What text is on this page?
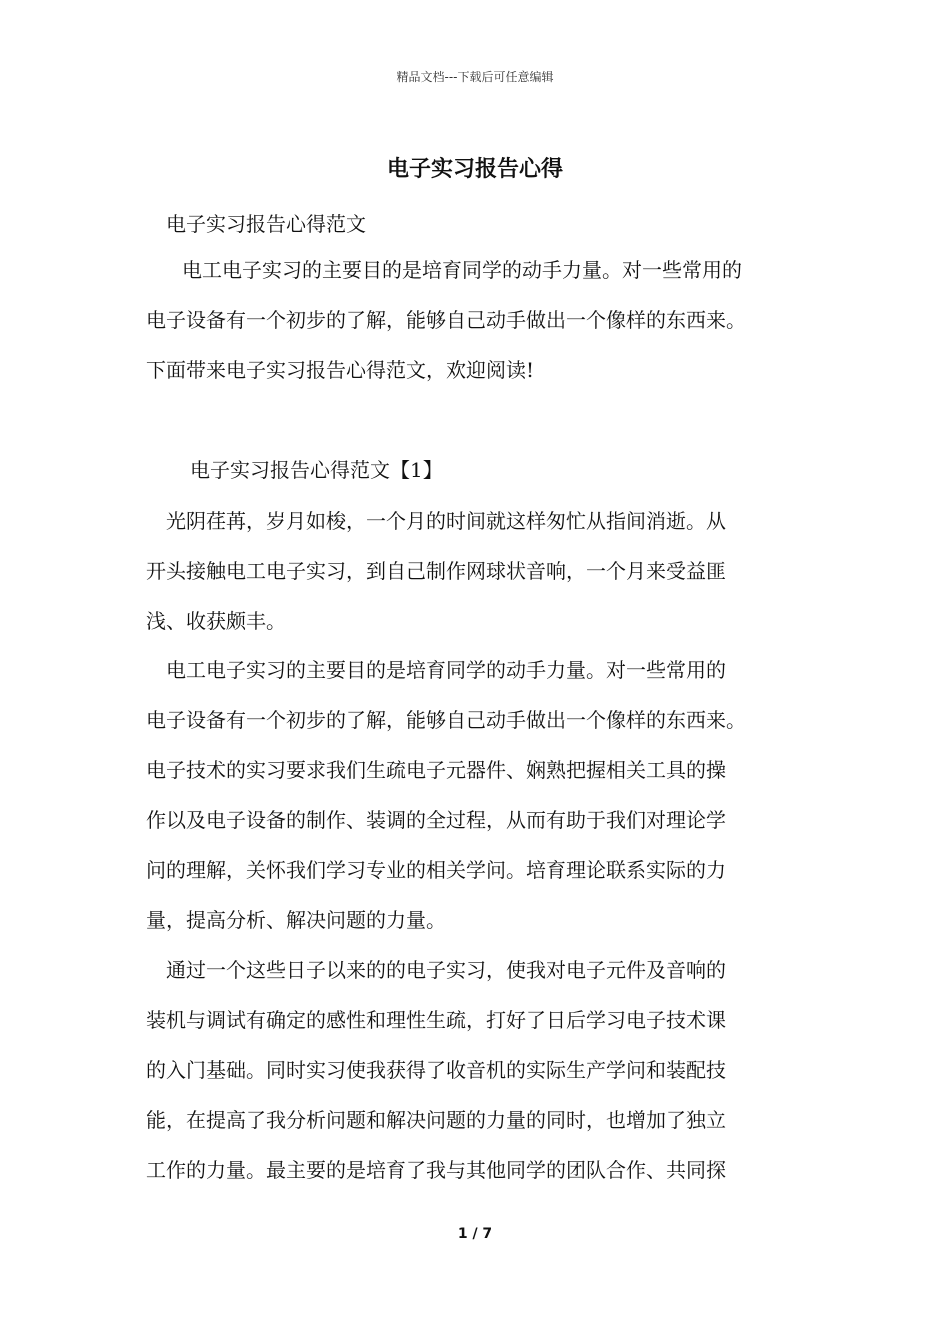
精品文档---下载后可任意编辑
电子实习报告心得
电子实习报告心得范文
电工电子实习的主要目的是培育同学的动手力量。对一些常用的
电子设备有一个初步的了解，能够自己动手做出一个像样的东西来。
下面带来电子实习报告心得范文，欢迎阅读!
电子实习报告心得范文【1】
光阴荏苒，岁月如梭，一个月的时间就这样匆忙从指间消逝。从
开头接触电工电子实习，到自己制作网球状音响，一个月来受益匪
浅、收获颇丰。
电工电子实习的主要目的是培育同学的动手力量。对一些常用的
电子设备有一个初步的了解，能够自己动手做出一个像样的东西来。
电子技术的实习要求我们生疏电子元器件、娴熟把握相关工具的操
作以及电子设备的制作、装调的全过程，从而有助于我们对理论学
问的理解，关怀我们学习专业的相关学问。培育理论联系实际的力
量，提高分析、解决问题的力量。
通过一个这些日子以来的的电子实习，使我对电子元件及音响的
装机与调试有确定的感性和理性生疏，打好了日后学习电子技术课
的入门基础。同时实习使我获得了收音机的实际生产学问和装配技
能，在提高了我分析问题和解决问题的力量的同时，也增加了独立
工作的力量。最主要的是培育了我与其他同学的团队合作、共同探
1 / 7
